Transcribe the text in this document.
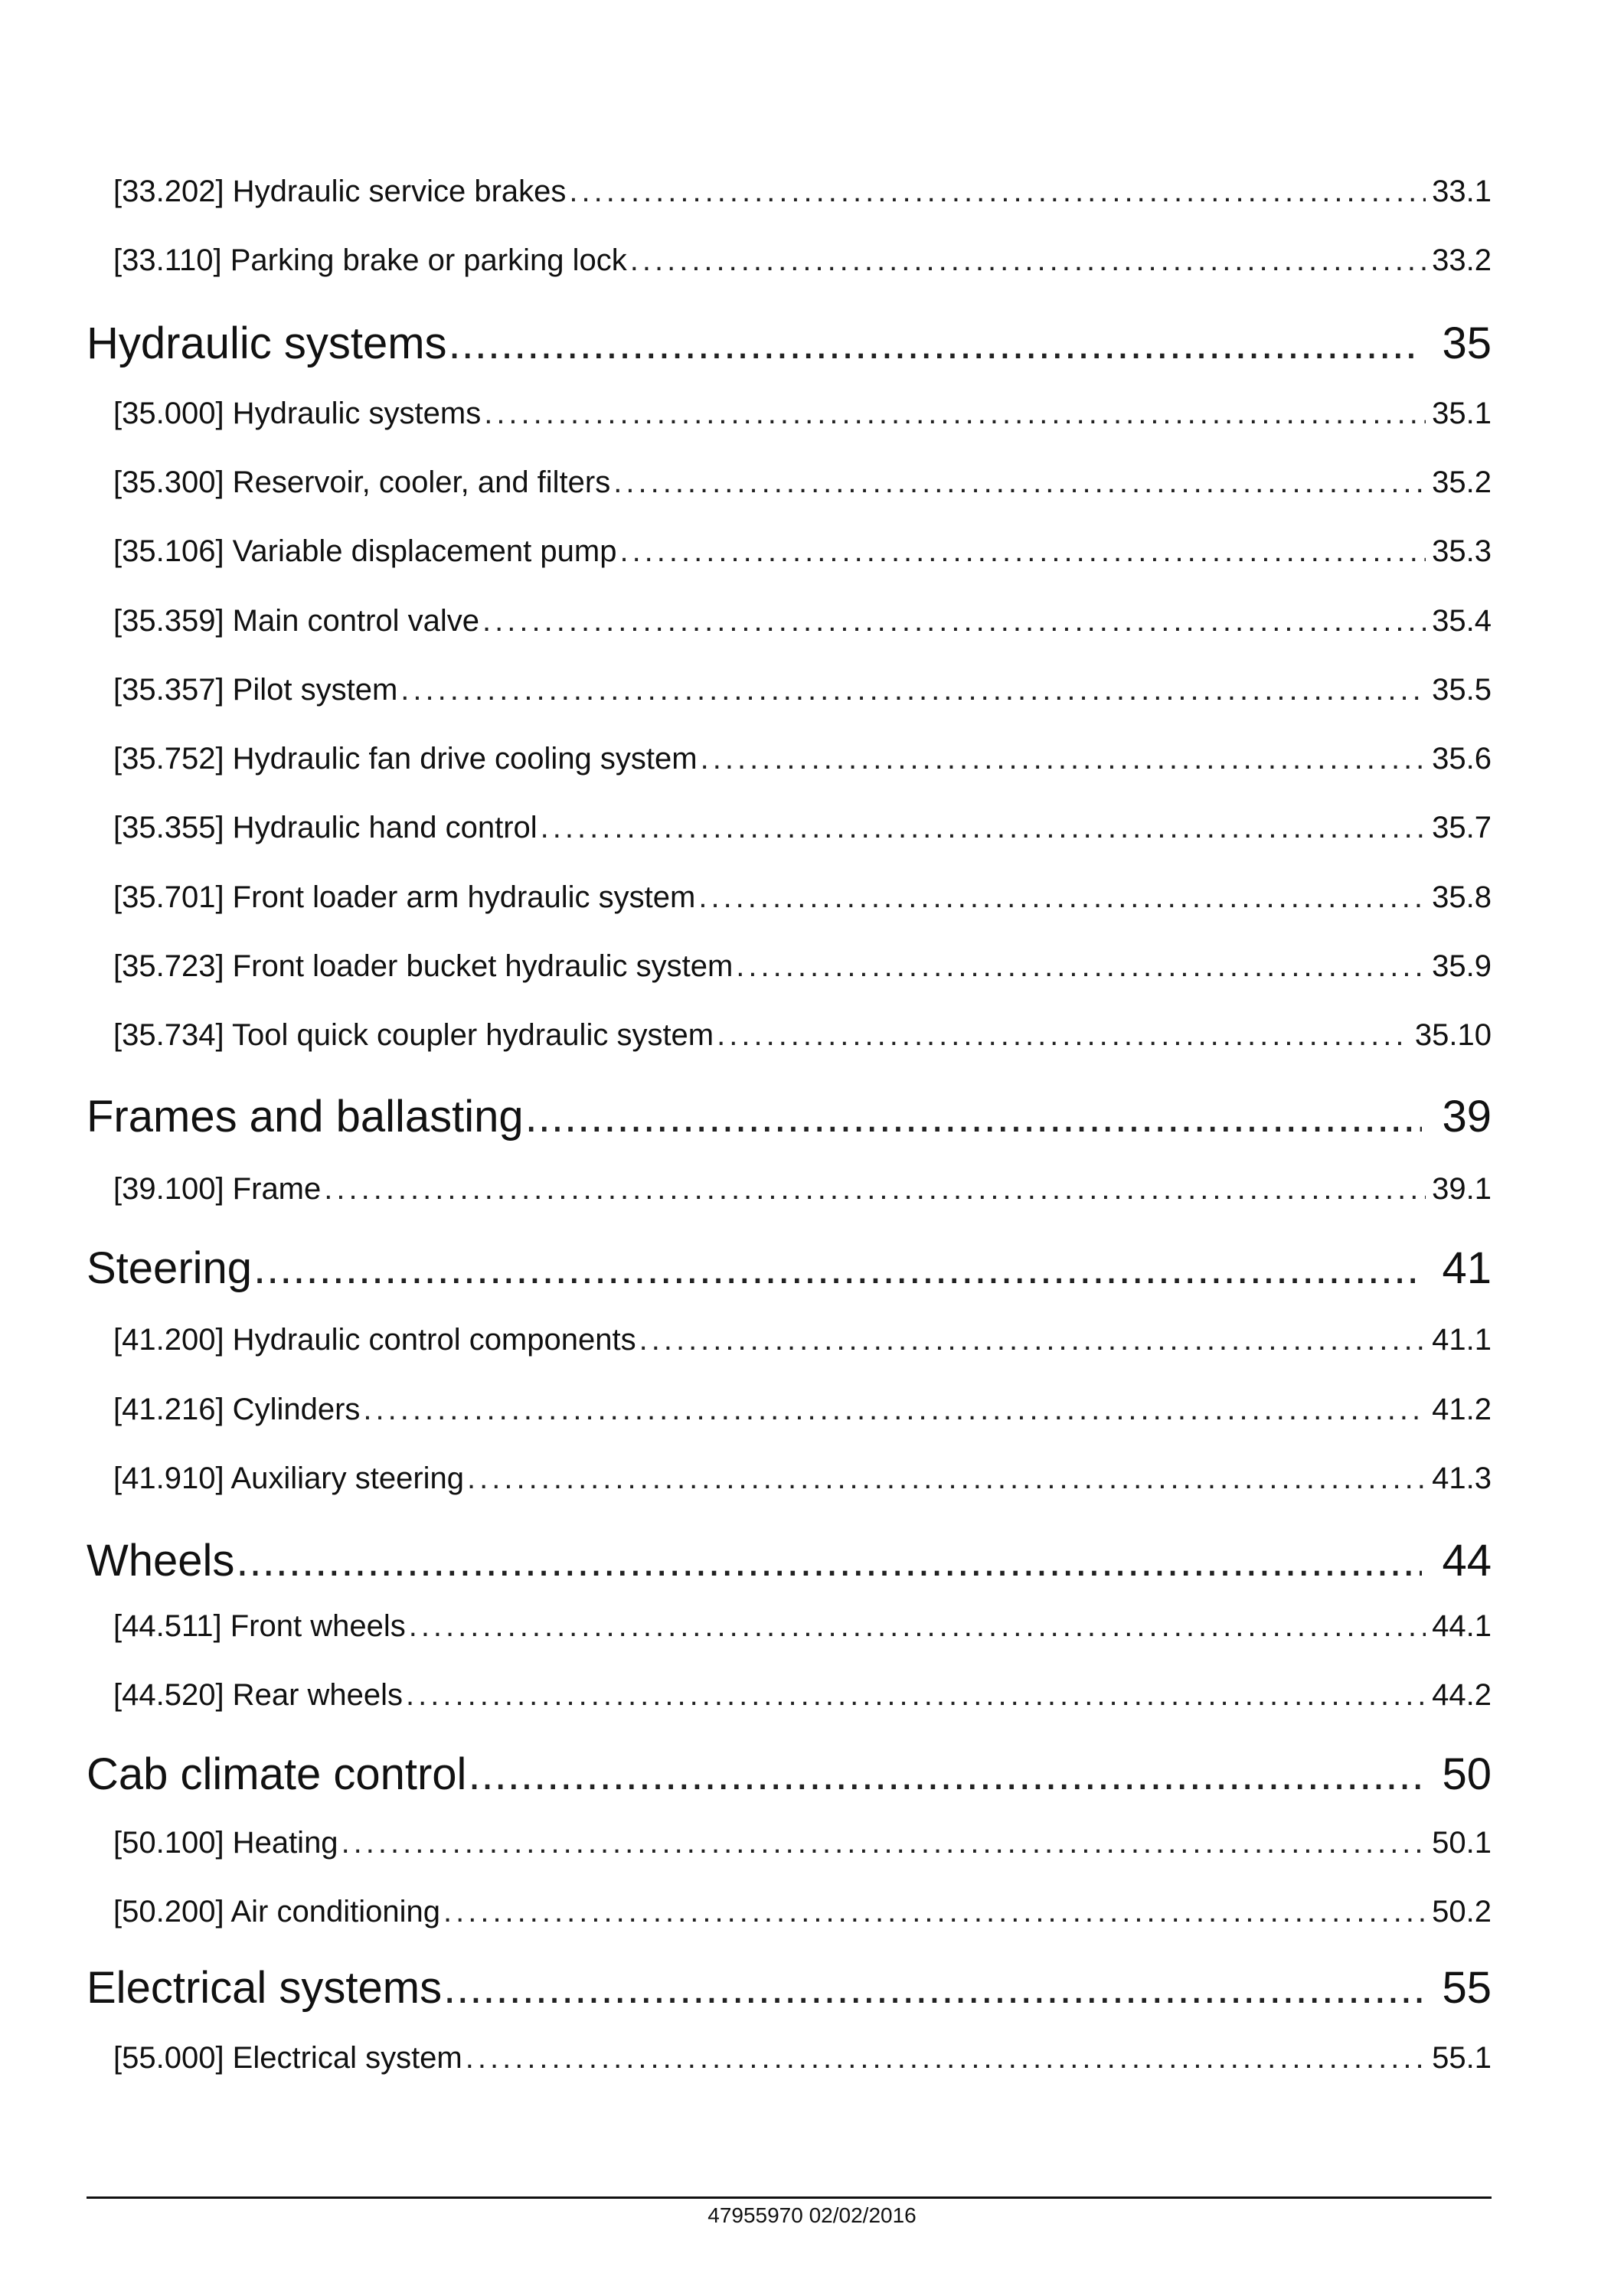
[33.202] Hydraulic service brakes .....	33.1
[33.110] Parking brake or parking lock .....	33.2
Hydraulic systems .....	35
[35.000] Hydraulic systems .....	35.1
[35.300] Reservoir, cooler, and filters .....	35.2
[35.106] Variable displacement pump .....	35.3
[35.359] Main control valve .....	35.4
[35.357] Pilot system .....	35.5
[35.752] Hydraulic fan drive cooling system .....	35.6
[35.355] Hydraulic hand control .....	35.7
[35.701] Front loader arm hydraulic system .....	35.8
[35.723] Front loader bucket hydraulic system .....	35.9
[35.734] Tool quick coupler hydraulic system .....	35.10
Frames and ballasting .....	39
[39.100] Frame .....	39.1
Steering .....	41
[41.200] Hydraulic control components .....	41.1
[41.216] Cylinders .....	41.2
[41.910] Auxiliary steering .....	41.3
Wheels .....	44
[44.511] Front wheels .....	44.1
[44.520] Rear wheels .....	44.2
Cab climate control .....	50
[50.100] Heating .....	50.1
[50.200] Air conditioning .....	50.2
Electrical systems .....	55
[55.000] Electrical system .....	55.1
47955970 02/02/2016
